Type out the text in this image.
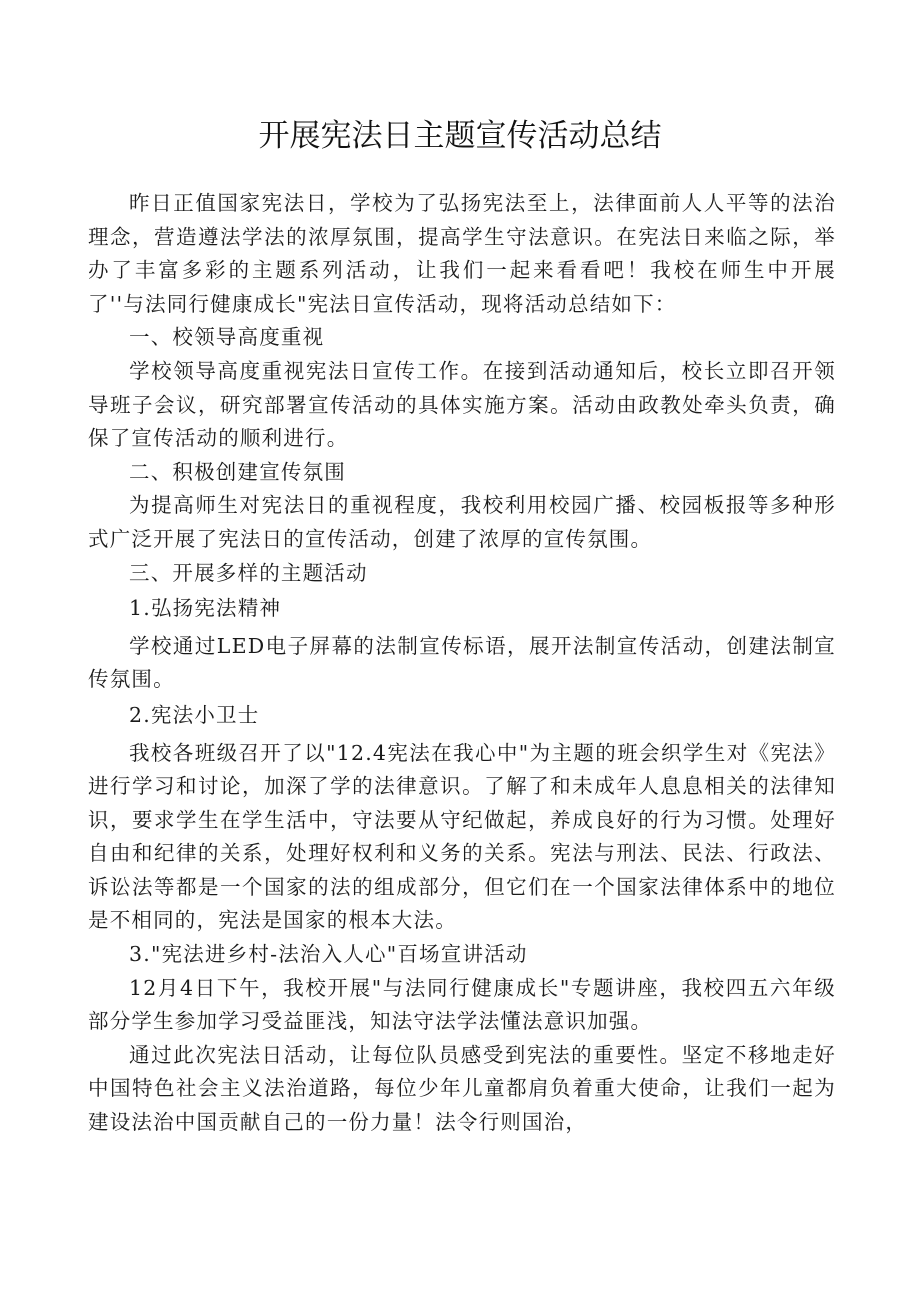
开展宪法日主题宣传活动总结

昨日正值国家宪法日，学校为了弘扬宪法至上，法律面前人人平等的法治理念，营造遵法学法的浓厚氛围，提高学生守法意识。在宪法日来临之际，举办了丰富多彩的主题系列活动，让我们一起来看看吧！我校在师生中开展了''与法同行健康成长"宪法日宣传活动，现将活动总结如下：

一、校领导高度重视

学校领导高度重视宪法日宣传工作。在接到活动通知后，校长立即召开领导班子会议，研究部署宣传活动的具体实施方案。活动由政教处牵头负责，确保了宣传活动的顺利进行。

二、积极创建宣传氛围

为提高师生对宪法日的重视程度，我校利用校园广播、校园板报等多种形式广泛开展了宪法日的宣传活动，创建了浓厚的宣传氛围。

三、开展多样的主题活动

1.弘扬宪法精神

学校通过LED电子屏幕的法制宣传标语，展开法制宣传活动，创建法制宣传氛围。

2.宪法小卫士

我校各班级召开了以"12.4宪法在我心中"为主题的班会织学生对《宪法》进行学习和讨论，加深了学的法律意识。了解了和未成年人息息相关的法律知识，要求学生在学生活中，守法要从守纪做起，养成良好的行为习惯。处理好自由和纪律的关系，处理好权利和义务的关系。宪法与刑法、民法、行政法、诉讼法等都是一个国家的法的组成部分，但它们在一个国家法律体系中的地位是不相同的，宪法是国家的根本大法。

3."宪法进乡村-法治入人心"百场宣讲活动

12月4日下午，我校开展"与法同行健康成长"专题讲座，我校四五六年级部分学生参加学习受益匪浅，知法守法学法懂法意识加强。

通过此次宪法日活动，让每位队员感受到宪法的重要性。坚定不移地走好中国特色社会主义法治道路，每位少年儿童都肩负着重大使命，让我们一起为建设法治中国贡献自己的一份力量！法令行则国治，
